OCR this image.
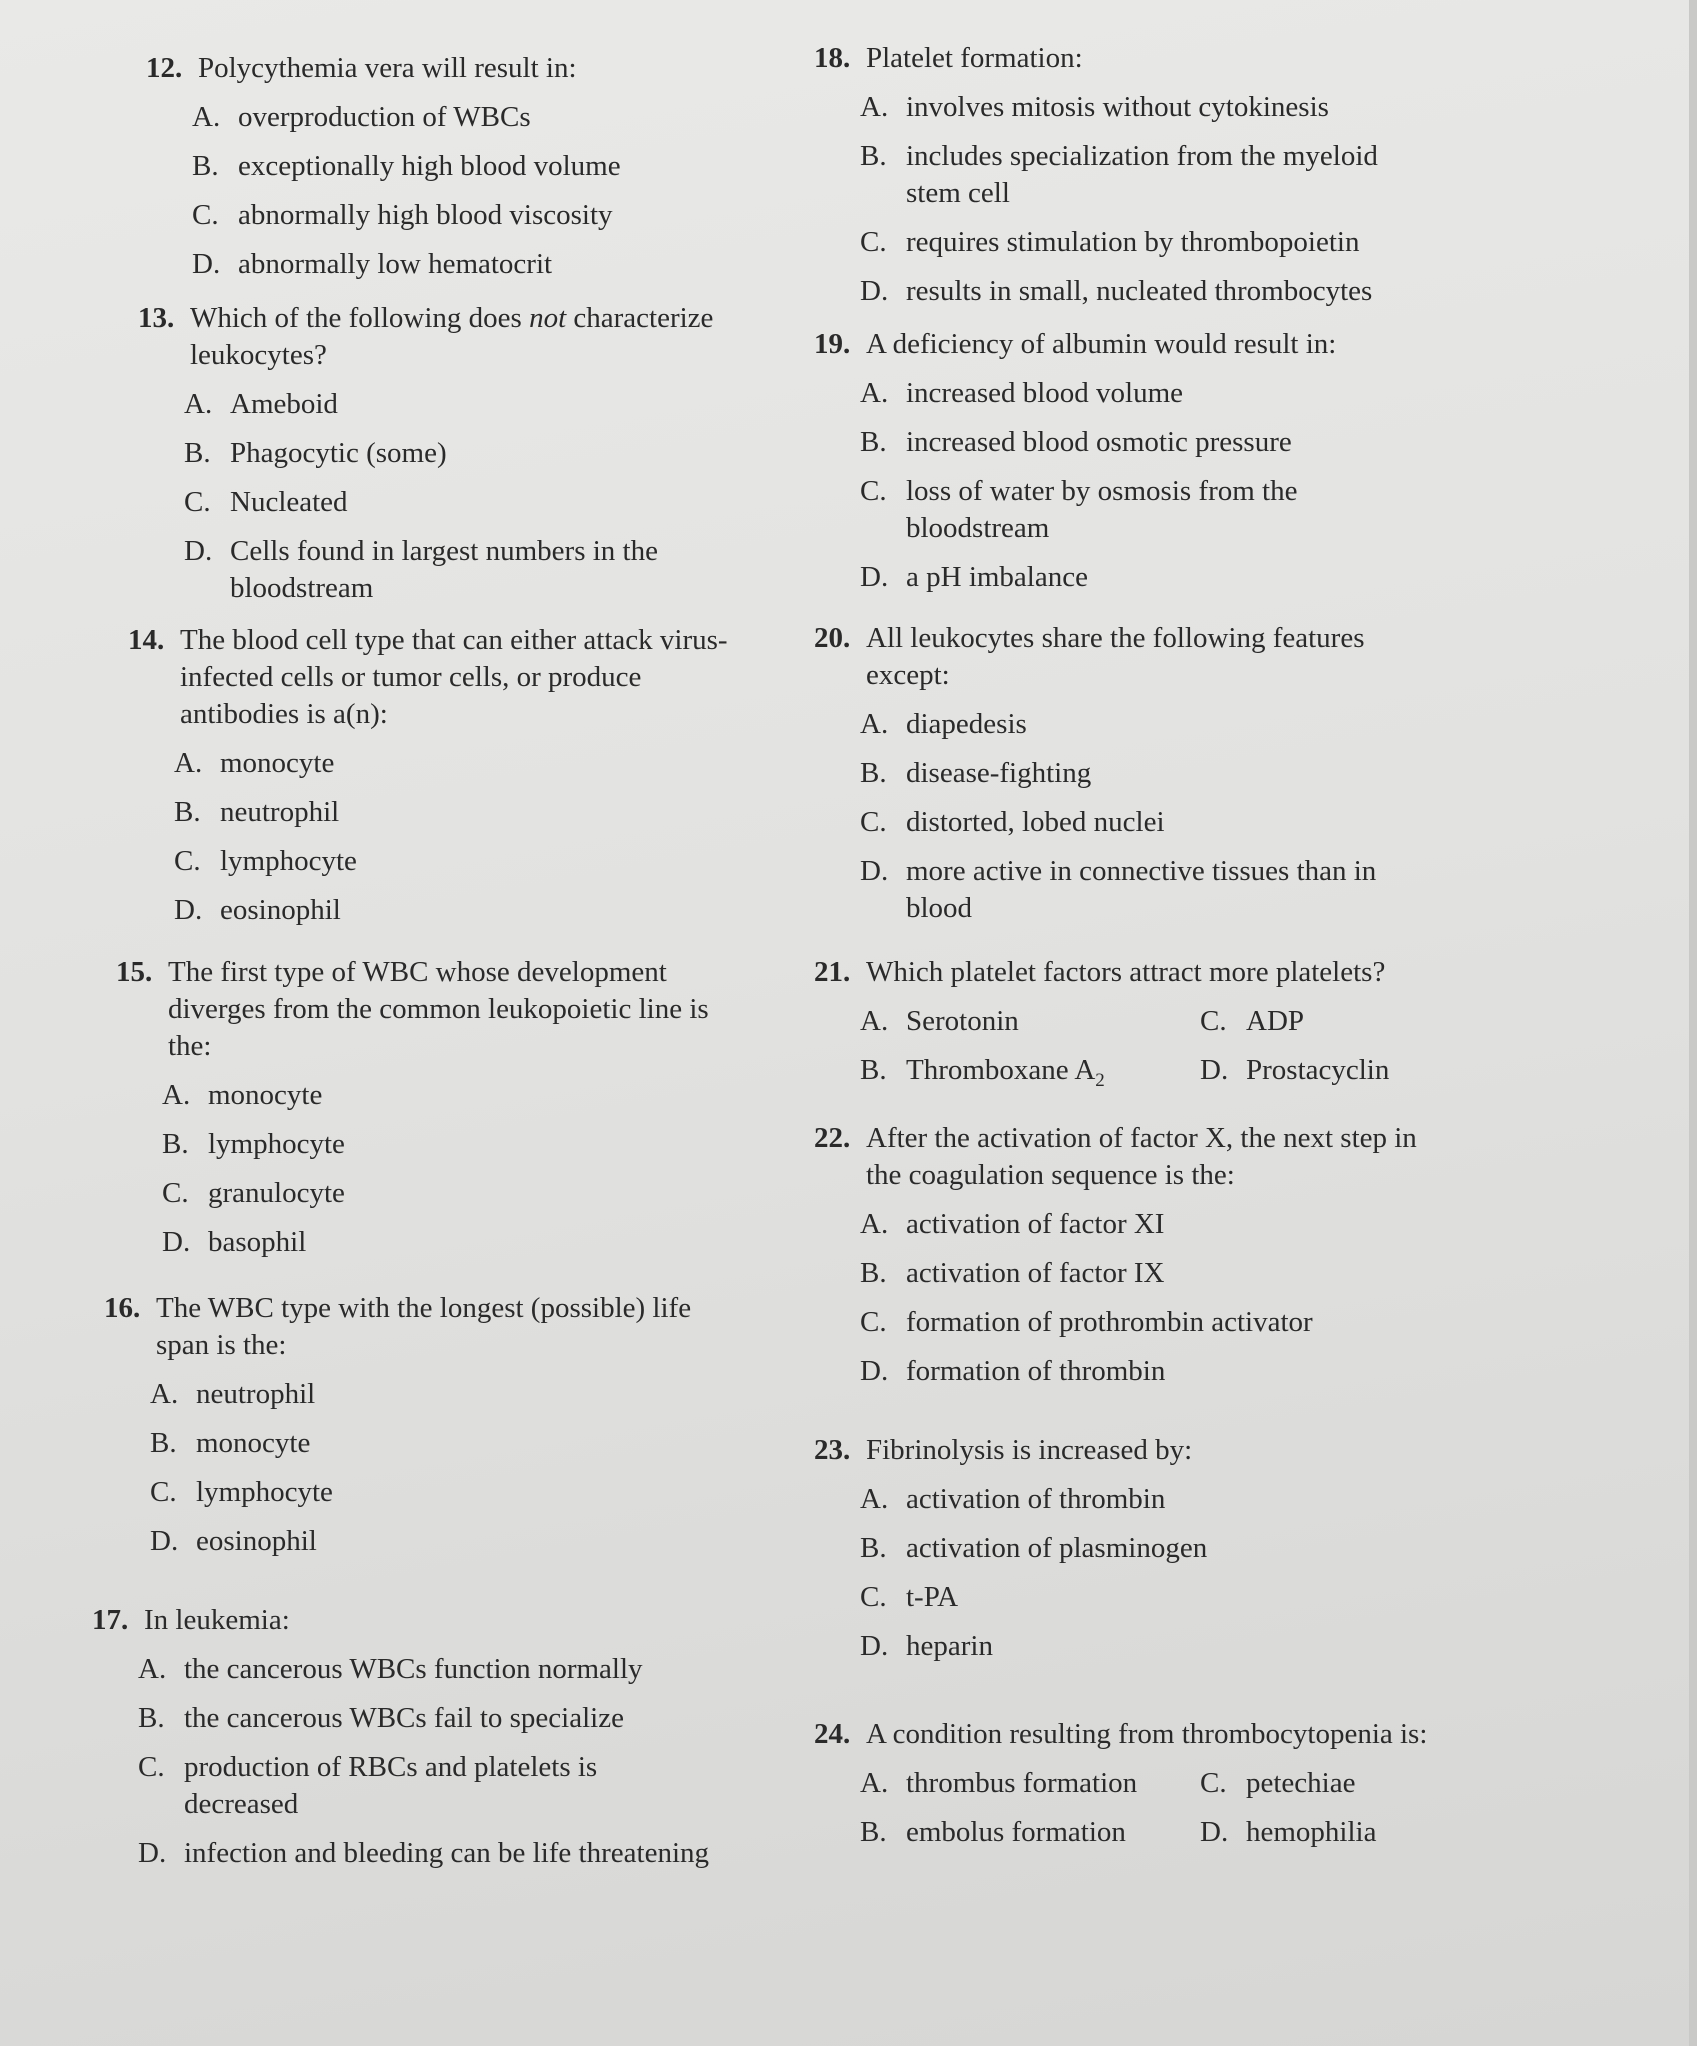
12. Polycythemia vera will result in:
A. overproduction of WBCs
B. exceptionally high blood volume
C. abnormally high blood viscosity
D. abnormally low hematocrit
13. Which of the following does not characterize leukocytes?
A. Ameboid
B. Phagocytic (some)
C. Nucleated
D. Cells found in largest numbers in the bloodstream
14. The blood cell type that can either attack virus-infected cells or tumor cells, or produce antibodies is a(n):
A. monocyte
B. neutrophil
C. lymphocyte
D. eosinophil
15. The first type of WBC whose development diverges from the common leukopoietic line is the:
A. monocyte
B. lymphocyte
C. granulocyte
D. basophil
16. The WBC type with the longest (possible) life span is the:
A. neutrophil
B. monocyte
C. lymphocyte
D. eosinophil
17. In leukemia:
A. the cancerous WBCs function normally
B. the cancerous WBCs fail to specialize
C. production of RBCs and platelets is decreased
D. infection and bleeding can be life threatening
18. Platelet formation:
A. involves mitosis without cytokinesis
B. includes specialization from the myeloid stem cell
C. requires stimulation by thrombopoietin
D. results in small, nucleated thrombocytes
19. A deficiency of albumin would result in:
A. increased blood volume
B. increased blood osmotic pressure
C. loss of water by osmosis from the bloodstream
D. a pH imbalance
20. All leukocytes share the following features except:
A. diapedesis
B. disease-fighting
C. distorted, lobed nuclei
D. more active in connective tissues than in blood
21. Which platelet factors attract more platelets?
A. Serotonin	C. ADP
B. Thromboxane $A_2$	D. Prostacyclin
22. After the activation of factor X, the next step in the coagulation sequence is the:
A. activation of factor XI
B. activation of factor IX
C. formation of prothrombin activator
D. formation of thrombin
23. Fibrinolysis is increased by:
A. activation of thrombin
B. activation of plasminogen
C. t-PA
D. heparin
24. A condition resulting from thrombocytopenia is:
A. thrombus formation	C. petechiae
B. embolus formation	D. hemophilia
